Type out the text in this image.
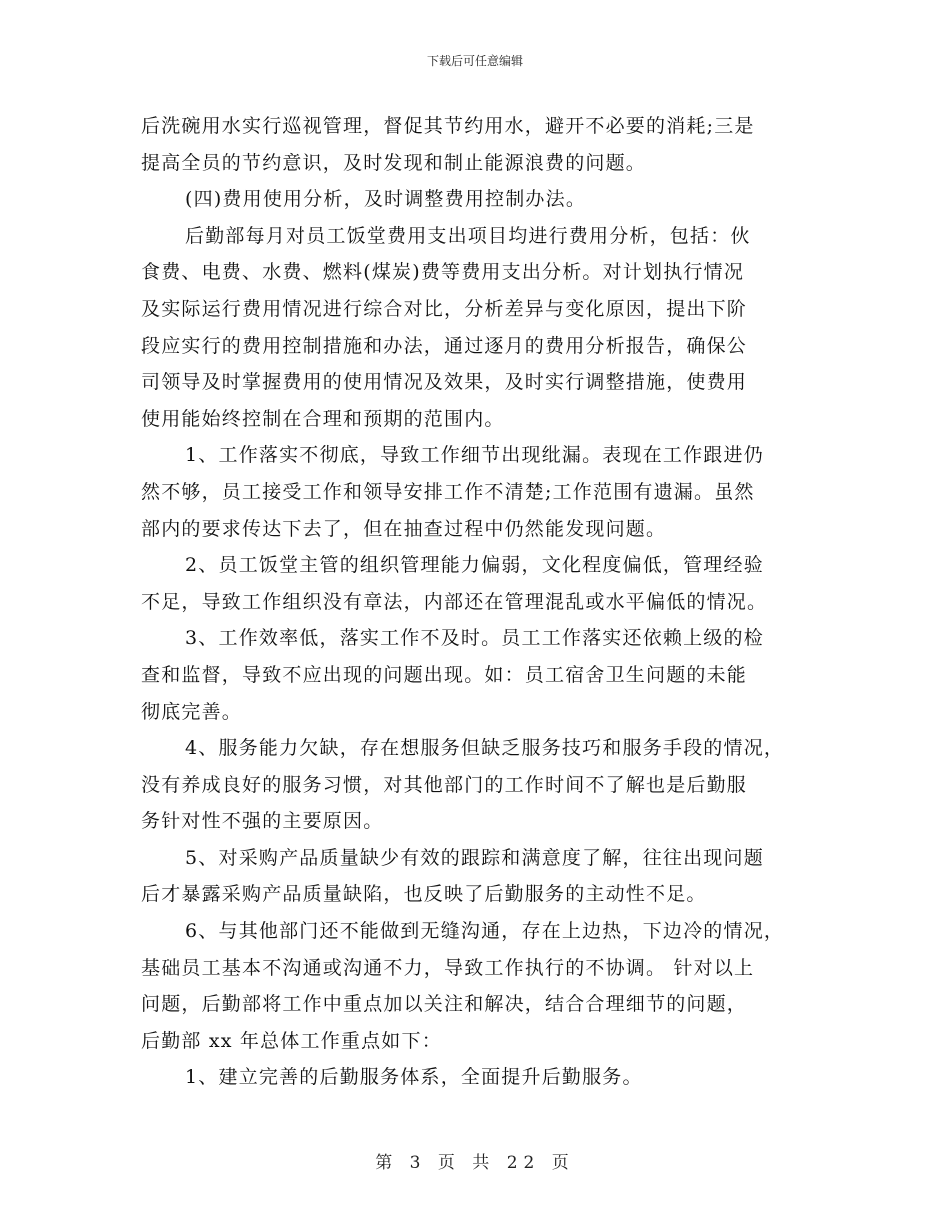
下载后可任意编辑
后洗碗用水实行巡视管理，督促其节约用水，避开不必要的消耗;三是
提高全员的节约意识，及时发现和制止能源浪费的问题。
(四)费用使用分析，及时调整费用控制办法。
后勤部每月对员工饭堂费用支出项目均进行费用分析，包括：伙
食费、电费、水费、燃料(煤炭)费等费用支出分析。对计划执行情况
及实际运行费用情况进行综合对比，分析差异与变化原因，提出下阶
段应实行的费用控制措施和办法，通过逐月的费用分析报告，确保公
司领导及时掌握费用的使用情况及效果，及时实行调整措施，使费用
使用能始终控制在合理和预期的范围内。
1、工作落实不彻底，导致工作细节出现纰漏。表现在工作跟进仍
然不够，员工接受工作和领导安排工作不清楚;工作范围有遗漏。虽然
部内的要求传达下去了，但在抽查过程中仍然能发现问题。
2、员工饭堂主管的组织管理能力偏弱，文化程度偏低，管理经验
不足，导致工作组织没有章法，内部还在管理混乱或水平偏低的情况。
3、工作效率低，落实工作不及时。员工工作落实还依赖上级的检
查和监督，导致不应出现的问题出现。如：员工宿舍卫生问题的未能
彻底完善。
4、服务能力欠缺，存在想服务但缺乏服务技巧和服务手段的情况，
没有养成良好的服务习惯，对其他部门的工作时间不了解也是后勤服
务针对性不强的主要原因。
5、对采购产品质量缺少有效的跟踪和满意度了解，往往出现问题
后才暴露采购产品质量缺陷，也反映了后勤服务的主动性不足。
6、与其他部门还不能做到无缝沟通，存在上边热，下边冷的情况，
基础员工基本不沟通或沟通不力，导致工作执行的不协调。 针对以上
问题，后勤部将工作中重点加以关注和解决，结合合理细节的问题，
后勤部 xx 年总体工作重点如下：
1、建立完善的后勤服务体系，全面提升后勤服务。
第 3 页 共 22 页
